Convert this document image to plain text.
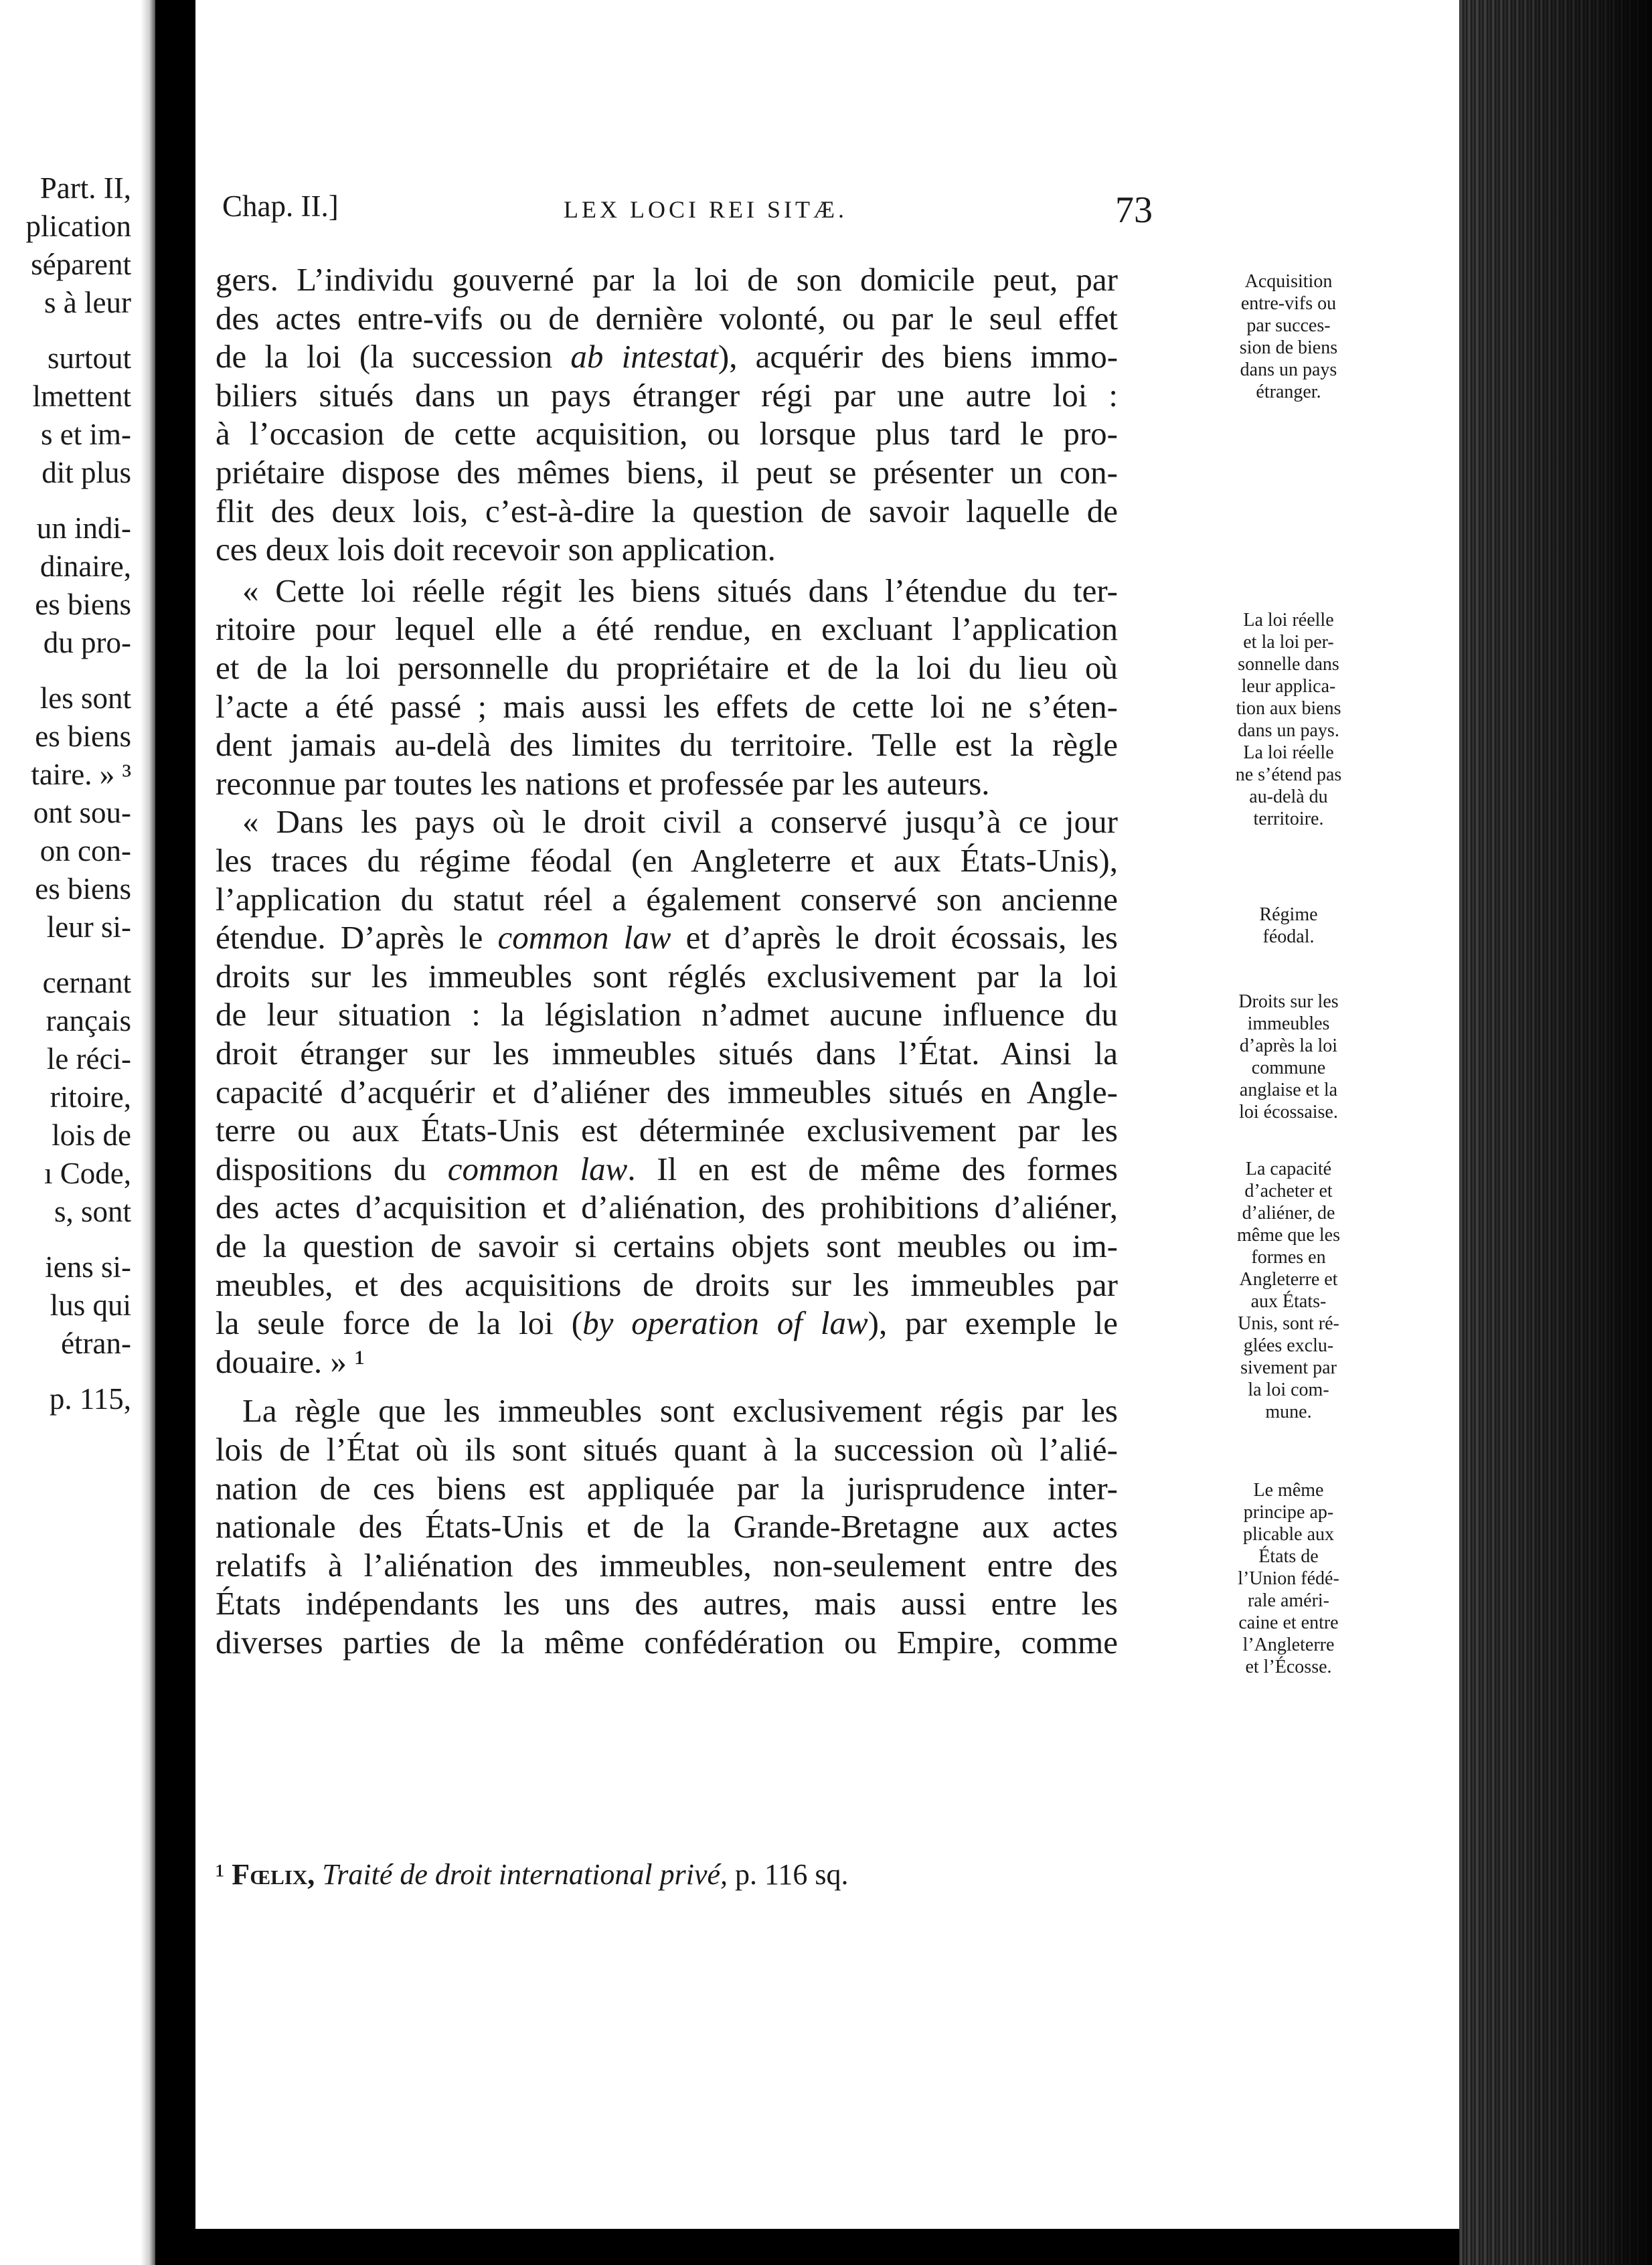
Part. II,
plicatio​n
séparent
s à leur
surtout
lmettent
s et im-
dit plus
un indi-
dinaire,
es biens
du pro-
les sont
es biens
taire. » ³
ont sou-
on con-
es biens
leur si-
cernant
rançais
le réci-
ritoire,
lois de
ı Code,
s, sont
iens si-
lus qui
étran-
p. 115,
Chap. II.]	LEX LOCI REI SITÆ.	73
gers. L’individu gouverné par la loi de son domicile peut, par
des actes entre-vifs ou de dernière volonté, ou par le seul effet
de la loi (la succession ab intestat), acquérir des biens immo-
biliers situés dans un pays étranger régi par une autre loi :
à l’occasion de cette acquisition, ou lorsque plus tard le pro-
priétaire dispose des mêmes biens, il peut se présenter un con-
flit des deux lois, c’est-à-dire la question de savoir laquelle de
ces deux lois doit recevoir son application.
« Cette loi réelle régit les biens situés dans l’étendue du ter-
ritoire pour lequel elle a été rendue, en excluant l’application
et de la loi personnelle du propriétaire et de la loi du lieu où
l’acte a été passé ; mais aussi les effets de cette loi ne s’éten-
dent jamais au-delà des limites du territoire. Telle est la règle
reconnue par toutes les nations et professée par les auteurs.
« Dans les pays où le droit civil a conservé jusqu’à ce jour
les traces du régime féodal (en Angleterre et aux États-Unis),
l’application du statut réel a également conservé son ancienne
étendue. D’après le common law et d’après le droit écossais, les
droits sur les immeubles sont réglés exclusivement par la loi
de leur situation : la législation n’admet aucune influence du
droit étranger sur les immeubles situés dans l’État. Ainsi la
capacité d’acquérir et d’aliéner des immeubles situés en Angle-
terre ou aux États-Unis est déterminée exclusivement par les
dispositions du common law. Il en est de même des formes
des actes d’acquisition et d’aliénation, des prohibitions d’aliéner,
de la question de savoir si certains objets sont meubles ou im-
meubles, et des acquisitions de droits sur les immeubles par
la seule force de la loi (by operation of law), par exemple le
douaire. » ¹
La règle que les immeubles sont exclusivement régis par les
lois de l’État où ils sont situés quant à la succession où l’alié-
nation de ces biens est appliquée par la jurisprudence inter-
nationale des États-Unis et de la Grande-Bretagne aux actes
relatifs à l’aliénation des immeubles, non-seulement entre des
États indépendants les uns des autres, mais aussi entre les
diverses parties de la même confédération ou Empire, comme
Acquisition
entre-vifs ou
par succes-
sion de biens
dans un pays
étranger.
La loi réelle
et la loi per-
sonnelle dans
leur applica-
tion aux biens
dans un pays.
La loi réelle
ne s’étend pas
au-delà du
territoire.
Régime
féodal.
Droits sur les
immeubles
d’après la loi
commune
anglaise et la
loi écossaise.
La capacité
d’acheter et
d’aliéner, de
même que les
formes en
Angleterre et
aux États-
Unis, sont ré-
glées exclu-
sivement par
la loi com-
mune.
Le même
principe ap-
plicable aux
États de
l’Union fédé-
rale améri-
caine et entre
l’Angleterre
et l’Écosse.
¹ Fœlix, Traité de droit international privé, p. 116 sq.
